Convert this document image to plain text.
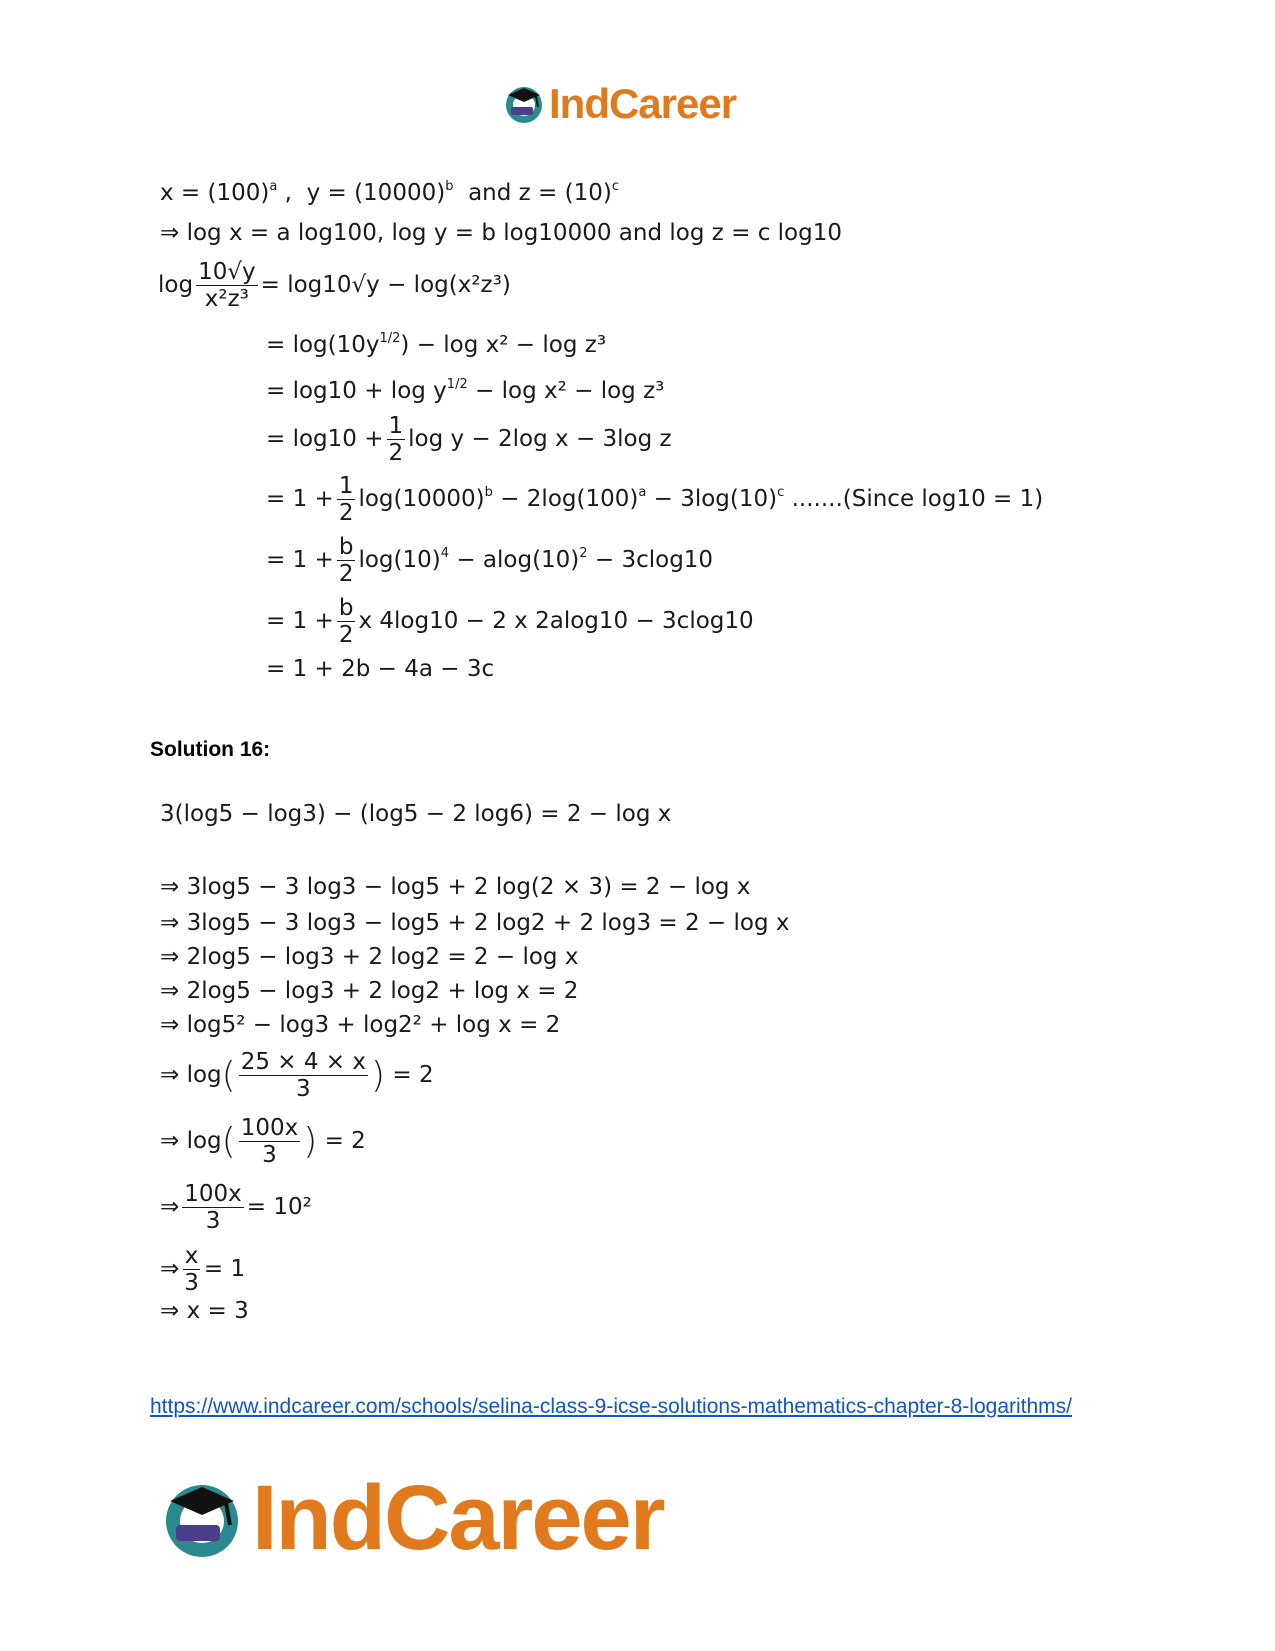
IndCareer
$x = (100)^a$ ,  $y = (10000)^b$  and $z = (10)^c$
⇒ log x = a log100, log y = b log10000 and log z = c log10
$\log \frac{10√y}{\text{x²z³}} = \log 10√y - \log(x^2z^3)$
= $\log(10y^{1/2}) - \log x^2 - \log z^3$
= $\log 10 + \log y^{1/2} - \log x^2 - \log z^3$
= $\log 10 + \frac{1}{2}$ log y − 2log x − 3log z
= $1 + \frac{1}{2} \log(10000)^b - 2\log(100)^a - 3\log(10)^c$ .......(Since log10 = 1)
= $1 + \frac{b}{2} \log(10)^4 - alog(10)^2 - 3clog10$
= $1 + \frac{b}{2}$ x 4log10 − 2 x 2alog10 − 3clog10
= 1 + 2b − 4a − 3c
Solution 16:
3(log5 − log3) − (log5 − 2 log6) = 2 − log x
⇒ 3log5 − 3 log3 − log5 + 2 log(2 × 3) = 2 − log x
⇒ 3log5 − 3 log3 − log5 + 2 log2 + 2 log3 = 2 − log x
⇒ 2log5 − log3 + 2 log2 = 2 − log x
⇒ 2log5 − log3 + 2 log2 + log x = 2
⇒ log5² − log3 + log2² + log x = 2
⇒ $\log( \frac{25 \times 4 \times x}{3}$ ) = 2
⇒ $\log( \frac{100x}{3}$ ) = 2
⇒ $\frac{100x}{3} = 10^2$
⇒ $\frac{x}{3} = 1$
⇒ x = 3
https://www.indcareer.com/schools/selina-class-9-icse-solutions-mathematics-chapter-8-logarithms/
IndCareer
